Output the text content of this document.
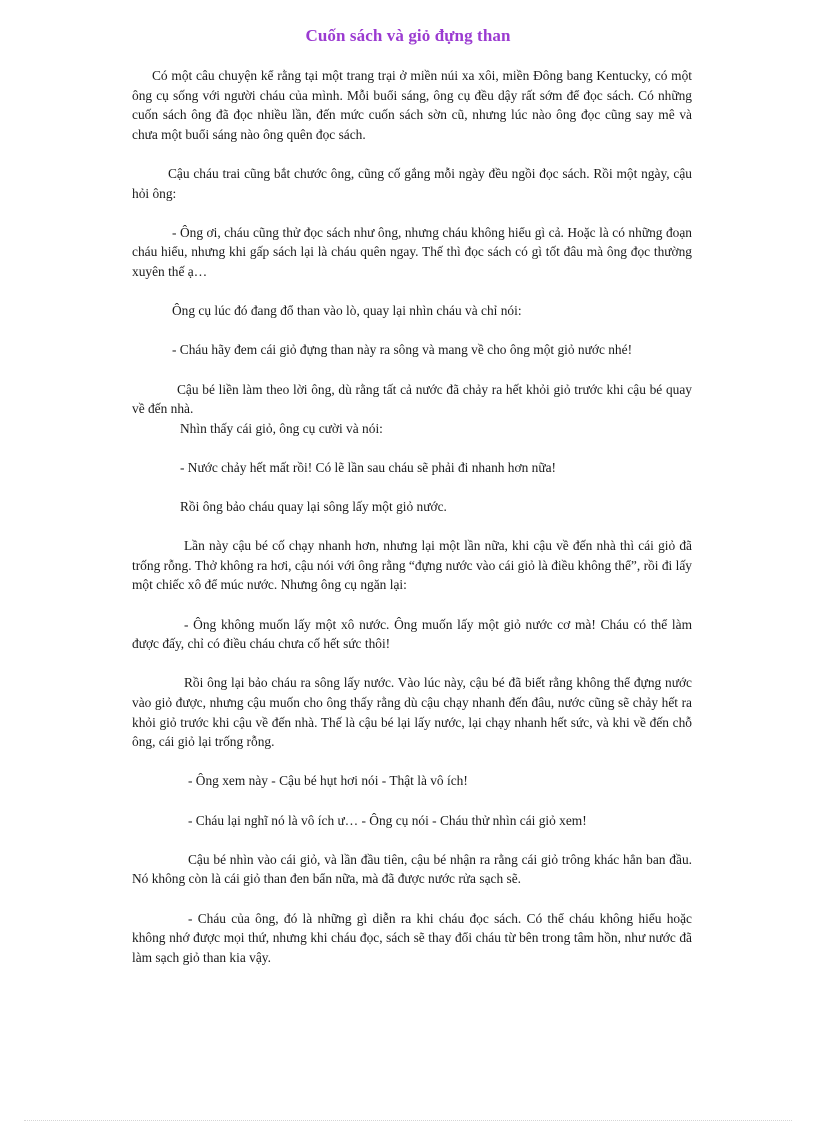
Cuốn sách và giỏ đựng than

Có một câu chuyện kể rằng tại một trang trại ở miền núi xa xôi, miền Đông bang Kentucky, có một ông cụ sống với người cháu của mình. Mỗi buổi sáng, ông cụ đều dậy rất sớm để đọc sách. Có những cuốn sách ông đã đọc nhiều lần, đến mức cuốn sách sờn cũ, nhưng lúc nào ông đọc cũng say mê và chưa một buổi sáng nào ông quên đọc sách.

Cậu cháu trai cũng bắt chước ông, cũng cố gắng mỗi ngày đều ngồi đọc sách. Rồi một ngày, cậu hỏi ông:

- Ông ơi, cháu cũng thử đọc sách như ông, nhưng cháu không hiểu gì cả. Hoặc là có những đoạn cháu hiểu, nhưng khi gấp sách lại là cháu quên ngay. Thế thì đọc sách có gì tốt đâu mà ông đọc thường xuyên thế ạ…

Ông cụ lúc đó đang đổ than vào lò, quay lại nhìn cháu và chỉ nói:

- Cháu hãy đem cái giỏ đựng than này ra sông và mang về cho ông một giỏ nước nhé!

Cậu bé liền làm theo lời ông, dù rằng tất cả nước đã chảy ra hết khỏi giỏ trước khi cậu bé quay về đến nhà.

Nhìn thấy cái giỏ, ông cụ cười và nói:

- Nước chảy hết mất rồi! Có lẽ lần sau cháu sẽ phải đi nhanh hơn nữa!

Rồi ông bảo cháu quay lại sông lấy một giỏ nước.

Lần này cậu bé cố chạy nhanh hơn, nhưng lại một lần nữa, khi cậu về đến nhà thì cái giỏ đã trống rỗng. Thở không ra hơi, cậu nói với ông rằng “đựng nước vào cái giỏ là điều không thể”, rồi đi lấy một chiếc xô để múc nước. Nhưng ông cụ ngăn lại:

- Ông không muốn lấy một xô nước. Ông muốn lấy một giỏ nước cơ mà! Cháu có thể làm được đấy, chỉ có điều cháu chưa cố hết sức thôi!

Rồi ông lại bảo cháu ra sông lấy nước. Vào lúc này, cậu bé đã biết rằng không thể đựng nước vào giỏ được, nhưng cậu muốn cho ông thấy rằng dù cậu chạy nhanh đến đâu, nước cũng sẽ chảy hết ra khỏi giỏ trước khi cậu về đến nhà. Thế là cậu bé lại lấy nước, lại chạy nhanh hết sức, và khi về đến chỗ ông, cái giỏ lại trống rỗng.

- Ông xem này - Cậu bé hụt hơi nói - Thật là vô ích!

- Cháu lại nghĩ nó là vô ích ư… - Ông cụ nói - Cháu thử nhìn cái giỏ xem!

Cậu bé nhìn vào cái giỏ, và lần đầu tiên, cậu bé nhận ra rằng cái giỏ trông khác hẳn ban đầu. Nó không còn là cái giỏ than đen bẩn nữa, mà đã được nước rửa sạch sẽ.

- Cháu của ông, đó là những gì diễn ra khi cháu đọc sách. Có thể cháu không hiểu hoặc không nhớ được mọi thứ, nhưng khi cháu đọc, sách sẽ thay đổi cháu từ bên trong tâm hồn, như nước đã làm sạch giỏ than kia vậy.
